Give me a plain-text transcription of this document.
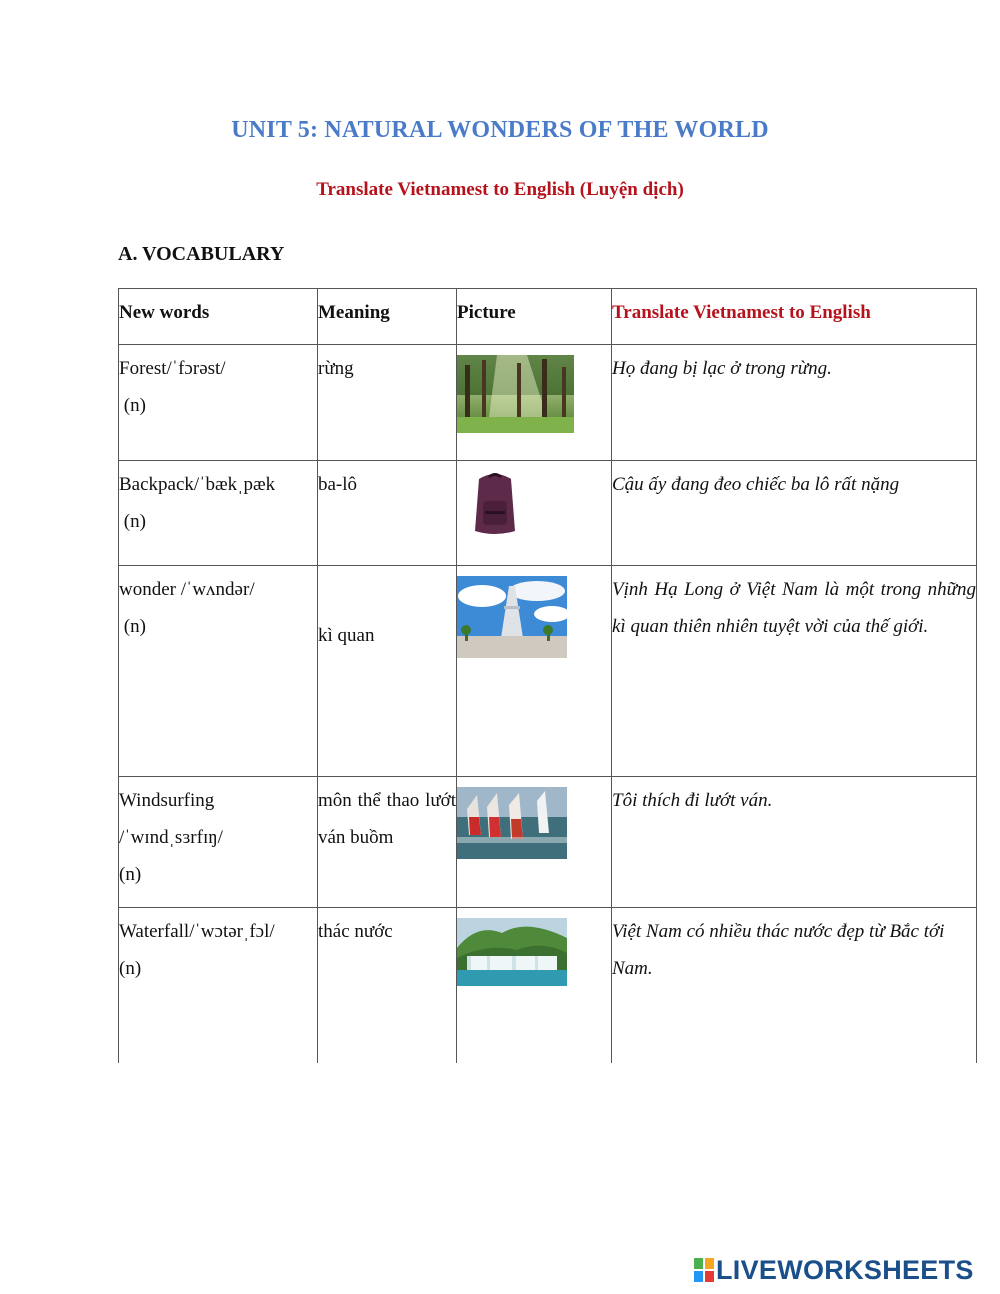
UNIT 5: NATURAL WONDERS OF THE WORLD
Translate Vietnamest to English (Luyện dịch)
A. VOCABULARY
New words	Meaning	Picture	Translate Vietnamest to English

Forest/ˈfɔrəst/
(n)	rừng		Họ đang bị lạc ở trong rừng.

Backpack/ˈbækˌpæk
(n)	ba-lô		Cậu ấy đang đeo chiếc ba lô rất nặng

wonder /ˈwʌndər/
(n)	kì quan		Vịnh Hạ Long ở Việt Nam là một trong những kì quan thiên nhiên tuyệt vời của thế giới.

Windsurfing
/ˈwɪndˌsɜrfɪŋ/
(n)	môn thể thao lướt ván buồm		Tôi thích đi lướt ván.

Waterfall/ˈwɔtərˌfɔl/
(n)	thác nước		Việt Nam có nhiều thác nước đẹp từ Bắc tới Nam.
LIVEWORKSHEETS
